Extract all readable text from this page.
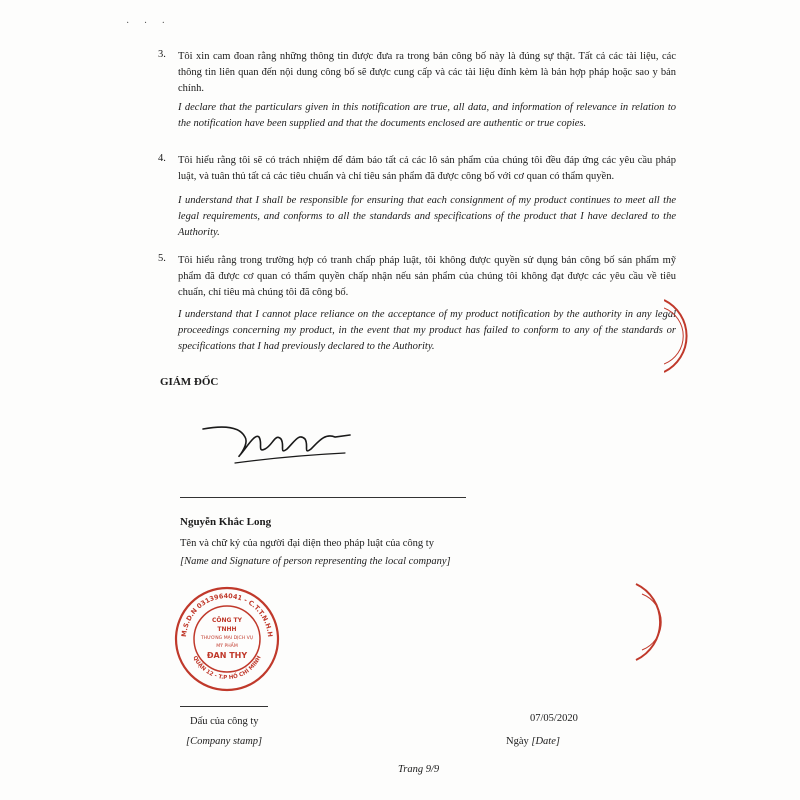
· · ·
3. Tôi xin cam đoan rằng những thông tin được đưa ra trong bản công bố này là đúng sự thật. Tất cả các tài liệu, các thông tin liên quan đến nội dung công bố sẽ được cung cấp và các tài liệu đính kèm là bản hợp pháp hoặc sao y bản chính.
I declare that the particulars given in this notification are true, all data, and information of relevance in relation to the notification have been supplied and that the documents enclosed are authentic or true copies.
4. Tôi hiểu rằng tôi sẽ có trách nhiệm để đảm bảo tất cả các lô sản phẩm của chúng tôi đều đáp ứng các yêu cầu pháp luật, và tuân thủ tất cả các tiêu chuẩn và chỉ tiêu sản phẩm đã được công bố với cơ quan có thẩm quyền.
I understand that I shall be responsible for ensuring that each consignment of my product continues to meet all the legal requirements, and conforms to all the standards and specifications of the product that I have declared to the Authority.
5. Tôi hiểu rằng trong trường hợp có tranh chấp pháp luật, tôi không được quyền sử dụng bản công bố sản phẩm mỹ phẩm đã được cơ quan có thẩm quyền chấp nhận nếu sản phẩm của chúng tôi không đạt được các yêu cầu về tiêu chuẩn, chỉ tiêu mà chúng tôi đã công bố.
I understand that I cannot place reliance on the acceptance of my product notification by the authority in any legal proceedings concerning my product, in the event that my product has failed to conform to any of the standards or specifications that I had previously declared to the Authority.
GIÁM ĐỐC
Nguyễn Khắc Long
Tên và chữ ký của người đại diện theo pháp luật của công ty
[Name and Signature of person representing the local company]
M.S.D.N 0313964041 - C.T.T.N.H.H
QUẬN 12 - T.P HỒ CHÍ MINH
CÔNG TY
TNHH
THƯƠNG MẠI DỊCH VỤ
MỸ PHẨM
ĐAN THY
Dấu của công ty
[Company stamp]
07/05/2020
Ngày [Date]
Trang 9/9
